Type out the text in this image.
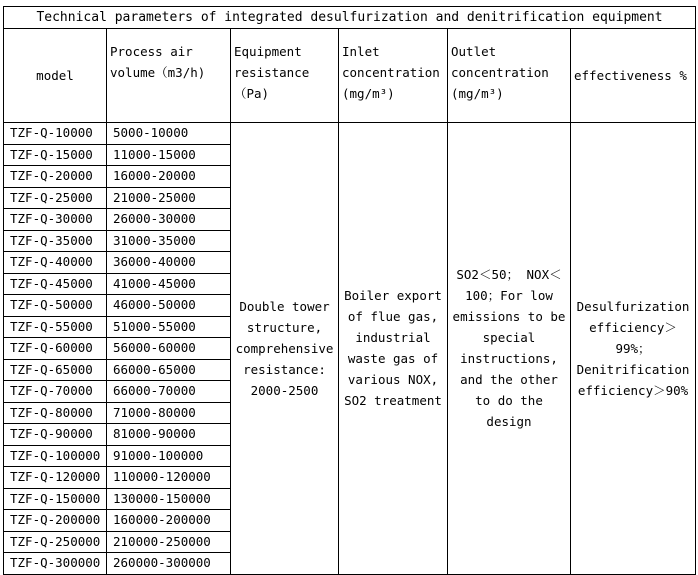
Technical parameters of integrated desulfurization and denitrification equipment					
model	Process air volume（m3/h)	Equipment resistance（Pa)	Inlet concentration (mg/m³)	Outlet concentration (mg/m³)	effectiveness %
TZF-Q-10000	5000-10000	Double tower structure, comprehensive resistance: 2000-2500	Boiler export of flue gas, industrial waste gas of various NOX, SO2 treatment	SO2＜50； NOX＜100；For low emissions to be special instructions, and the other to do the design	Desulfurization efficiency＞ 99%； Denitrification efficiency＞90%
TZF-Q-15000	11000-15000				
TZF-Q-20000	16000-20000				
TZF-Q-25000	21000-25000				
TZF-Q-30000	26000-30000				
TZF-Q-35000	31000-35000				
TZF-Q-40000	36000-40000				
TZF-Q-45000	41000-45000				
TZF-Q-50000	46000-50000				
TZF-Q-55000	51000-55000				
TZF-Q-60000	56000-60000				
TZF-Q-65000	66000-65000				
TZF-Q-70000	66000-70000				
TZF-Q-80000	71000-80000				
TZF-Q-90000	81000-90000				
TZF-Q-100000	91000-100000				
TZF-Q-120000	110000-120000				
TZF-Q-150000	130000-150000				
TZF-Q-200000	160000-200000				
TZF-Q-250000	210000-250000				
TZF-Q-300000	260000-300000				
